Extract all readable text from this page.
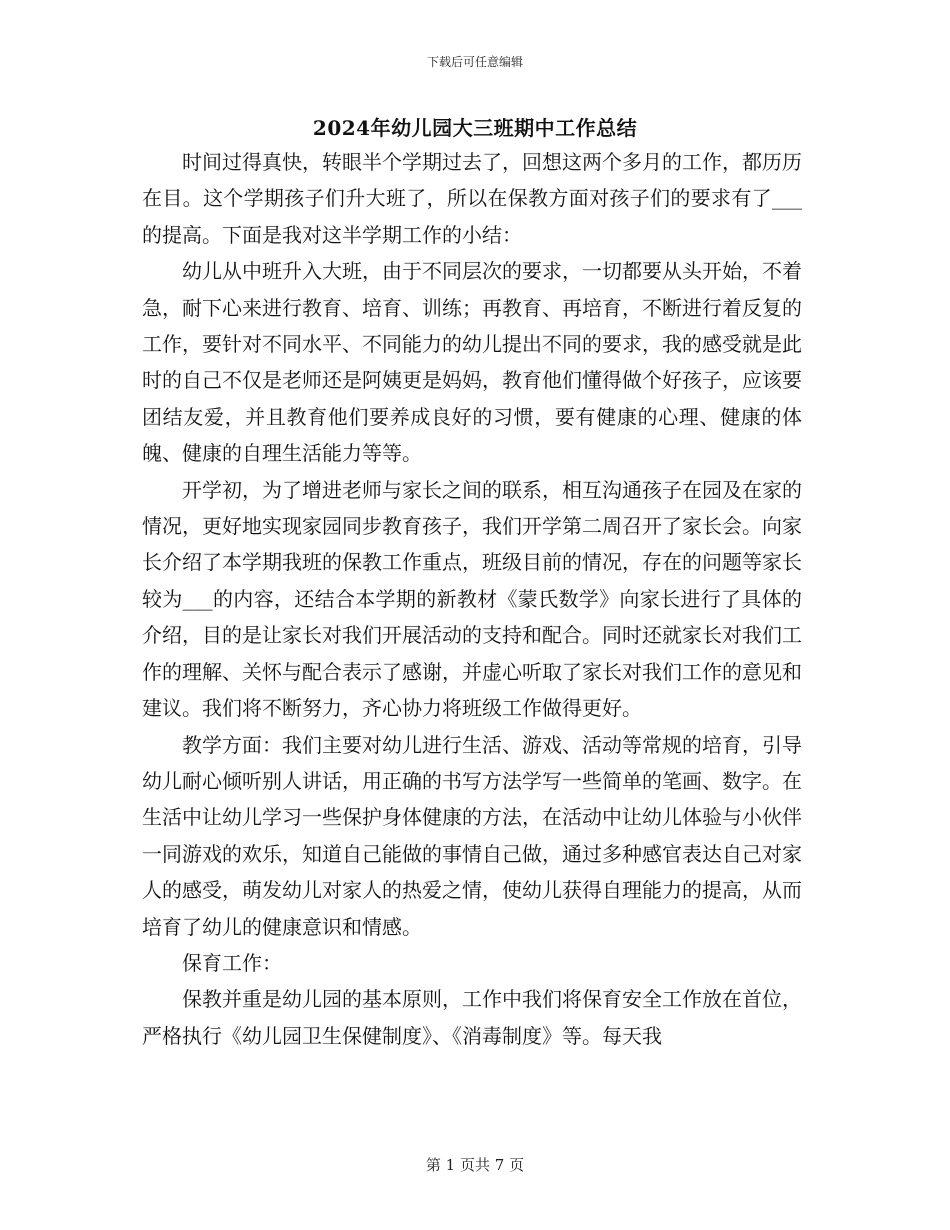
下载后可任意编辑
2024年幼儿园大三班期中工作总结

时间过得真快，转眼半个学期过去了，回想这两个多月的工作，都历历在目。这个学期孩子们升大班了，所以在保教方面对孩子们的要求有了___的提高。下面是我对这半学期工作的小结：

幼儿从中班升入大班，由于不同层次的要求，一切都要从头开始，不着急，耐下心来进行教育、培育、训练；再教育、再培育，不断进行着反复的工作，要针对不同水平、不同能力的幼儿提出不同的要求，我的感受就是此时的自己不仅是老师还是阿姨更是妈妈，教育他们懂得做个好孩子，应该要团结友爱，并且教育他们要养成良好的习惯，要有健康的心理、健康的体魄、健康的自理生活能力等等。

开学初，为了增进老师与家长之间的联系，相互沟通孩子在园及在家的情况，更好地实现家园同步教育孩子，我们开学第二周召开了家长会。向家长介绍了本学期我班的保教工作重点，班级目前的情况，存在的问题等家长较为___的内容，还结合本学期的新教材《蒙氏数学》向家长进行了具体的介绍，目的是让家长对我们开展活动的支持和配合。同时还就家长对我们工作的理解、关怀与配合表示了感谢，并虚心听取了家长对我们工作的意见和建议。我们将不断努力，齐心协力将班级工作做得更好。

教学方面：我们主要对幼儿进行生活、游戏、活动等常规的培育，引导幼儿耐心倾听别人讲话，用正确的书写方法学写一些简单的笔画、数字。在生活中让幼儿学习一些保护身体健康的方法，在活动中让幼儿体验与小伙伴一同游戏的欢乐，知道自己能做的事情自己做，通过多种感官表达自己对家人的感受，萌发幼儿对家人的热爱之情，使幼儿获得自理能力的提高，从而培育了幼儿的健康意识和情感。

保育工作：

保教并重是幼儿园的基本原则，工作中我们将保育安全工作放在首位，严格执行《幼儿园卫生保健制度》、《消毒制度》等。每天我

第 1 页共 7 页
